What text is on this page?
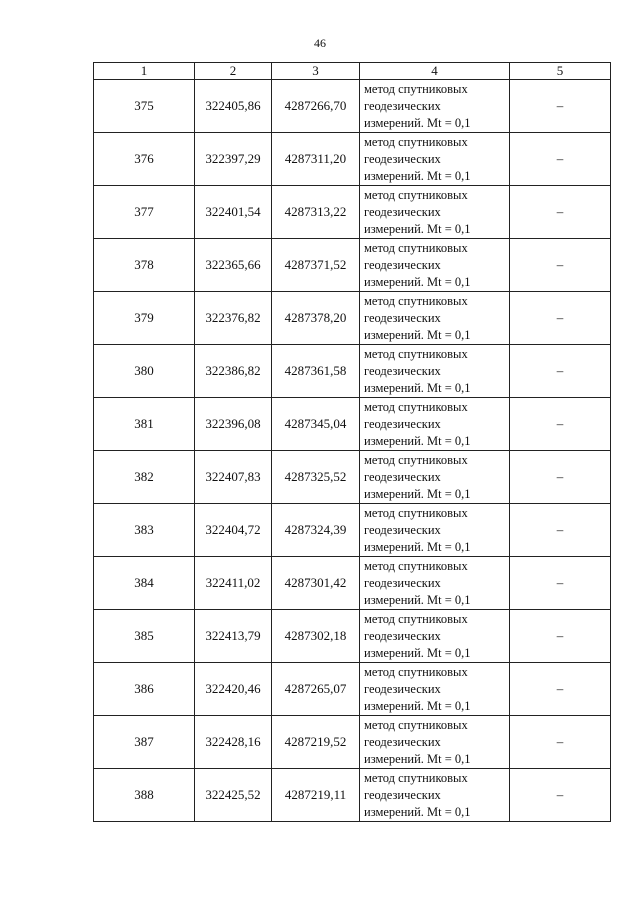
46
1	2	3	4	5
375	322405,86	4287266,70	метод спутниковых
геодезических
измерений. Mt = 0,1	–
376	322397,29	4287311,20	метод спутниковых
геодезических
измерений. Mt = 0,1	–
377	322401,54	4287313,22	метод спутниковых
геодезических
измерений. Mt = 0,1	–
378	322365,66	4287371,52	метод спутниковых
геодезических
измерений. Mt = 0,1	–
379	322376,82	4287378,20	метод спутниковых
геодезических
измерений. Mt = 0,1	–
380	322386,82	4287361,58	метод спутниковых
геодезических
измерений. Mt = 0,1	–
381	322396,08	4287345,04	метод спутниковых
геодезических
измерений. Mt = 0,1	–
382	322407,83	4287325,52	метод спутниковых
геодезических
измерений. Mt = 0,1	–
383	322404,72	4287324,39	метод спутниковых
геодезических
измерений. Mt = 0,1	–
384	322411,02	4287301,42	метод спутниковых
геодезических
измерений. Mt = 0,1	–
385	322413,79	4287302,18	метод спутниковых
геодезических
измерений. Mt = 0,1	–
386	322420,46	4287265,07	метод спутниковых
геодезических
измерений. Mt = 0,1	–
387	322428,16	4287219,52	метод спутниковых
геодезических
измерений. Mt = 0,1	–
388	322425,52	4287219,11	метод спутниковых
геодезических
измерений. Mt = 0,1	–
